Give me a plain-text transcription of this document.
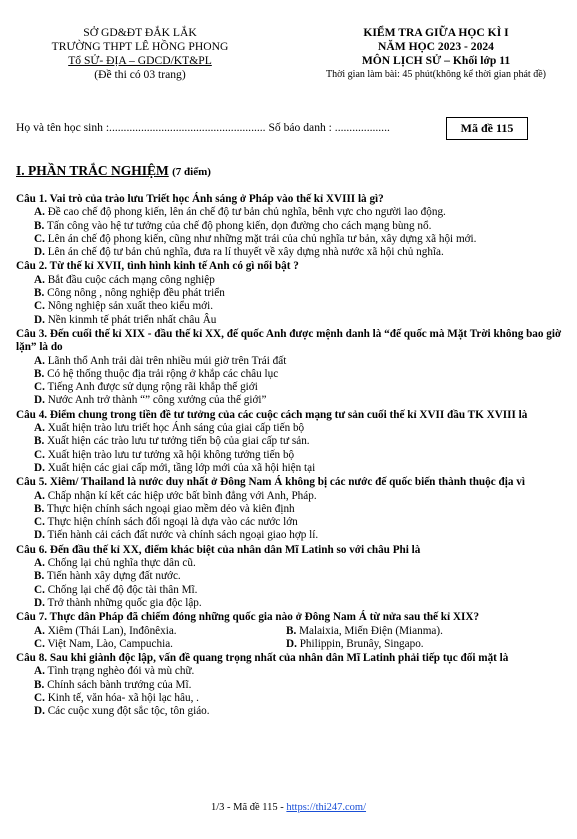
SỞ GD&ĐT ĐẮK LẮK
TRƯỜNG THPT LÊ HỒNG PHONG
Tổ SỬ- ĐỊA – GDCD/KT&PL
(Đề thi có 03 trang)
KIỂM TRA GIỮA HỌC KÌ I
NĂM HỌC 2023 - 2024
MÔN LỊCH SỬ – Khối lớp 11
Thời gian làm bài: 45 phút(không kể thời gian phát đề)
Họ và tên học sinh :...................................................... Số báo danh : ...................	Mã đề 115
I. PHẦN TRẮC NGHIỆM (7 điểm)
Câu 1. Vai trò của trào lưu Triết học Ánh sáng ở Pháp vào thế kỉ XVIII là gì?
A. Đề cao chế độ phong kiến, lên án chế độ tư bản chủ nghĩa, bênh vực cho người lao động.
B. Tấn công vào hệ tư tưởng của chế độ phong kiến, dọn đường cho cách mạng bùng nổ.
C. Lên án chế độ phong kiến, cũng như những mặt trái của chủ nghĩa tư bản, xây dựng xã hội mới.
D. Lên án chế độ tư bản chủ nghĩa, đưa ra lí thuyết về xây dựng nhà nước xã hội chủ nghĩa.
Câu 2. Từ thế kỉ XVII, tình hình kinh tế Anh có gì nổi bật ?
A. Bắt đầu cuộc cách mạng công nghiệp
B. Công nông , nông nghiệp đều phát triển
C. Nông nghiệp sản xuất theo kiểu mới.
D. Nền kinmh tế phát triển nhất châu Âu
Câu 3. Đến cuối thế kỉ XIX - đầu thế kỉ XX, đế quốc Anh được mệnh danh là “đế quốc mà Mặt Trời không bao giờ lặn” là do
A. Lãnh thổ Anh trải dài trên nhiều múi giờ trên Trái đất
B. Có hệ thống thuộc địa trải rộng ở khắp các châu lục
C. Tiếng Anh được sử dụng rộng rãi khắp thế giới
D. Nước Anh trở thành “” công xưởng của thế giới”
Câu 4. Điểm chung trong tiền đề tư tưởng của các cuộc cách mạng tư sản cuối thế kỉ XVII đầu TK XVIII là
A. Xuất hiện trào lưu triết học Ánh sáng của giai cấp tiến bộ
B. Xuất hiện các trào lưu tư tưởng tiến bộ của giai cấp tư sản.
C. Xuất hiện trào lưu tư tưởng xã hội không tưởng tiến bộ
D. Xuất hiện các giai cấp mới, tầng lớp mới của xã hội hiện tại
Câu 5. Xiêm/ Thailand là nước duy nhất ở Đông Nam Á không bị các nước đế quốc biến thành thuộc địa vì
A. Chấp nhận kí kết các hiệp ước bất bình đẳng với Anh, Pháp.
B. Thực hiện chính sách ngoại giao mềm dẻo và kiên định
C. Thực hiện chính sách đối ngoại là dựa vào các nước lớn
D. Tiến hành cải cách đất nước và chính sách ngoại giao hợp lí.
Câu 6. Đến đầu thế kỉ XX, điểm khác biệt của nhân dân Mĩ Latinh so với châu Phi là
A. Chống lại chủ nghĩa thực dân cũ.
B. Tiến hành xây dựng đất nước.
C. Chống lại chế độ độc tài thân Mĩ.
D. Trở thành những quốc gia độc lập.
Câu 7. Thực dân Pháp đã chiếm đóng những quốc gia nào ở Đông Nam Á từ nửa sau thế kỉ XIX?
A. Xiêm (Thái Lan), Inđônêxia.	B. Malaixia, Miến Điện (Mianma).
C. Việt Nam, Lào, Campuchia.	D. Philippin, Brunây, Singapo.
Câu 8. Sau khi giành độc lập, vấn đề quang trọng nhất của nhân dân Mĩ Latinh phải tiếp tục đối mặt là
A. Tình trạng nghèo đói và mù chữ.
B. Chính sách bành trướng của Mĩ.
C. Kinh tế, văn hóa- xã hội lạc hâu, .
D. Các cuộc xung đột sắc tộc, tôn giáo.
1/3 - Mã đề 115 - https://thi247.com/
